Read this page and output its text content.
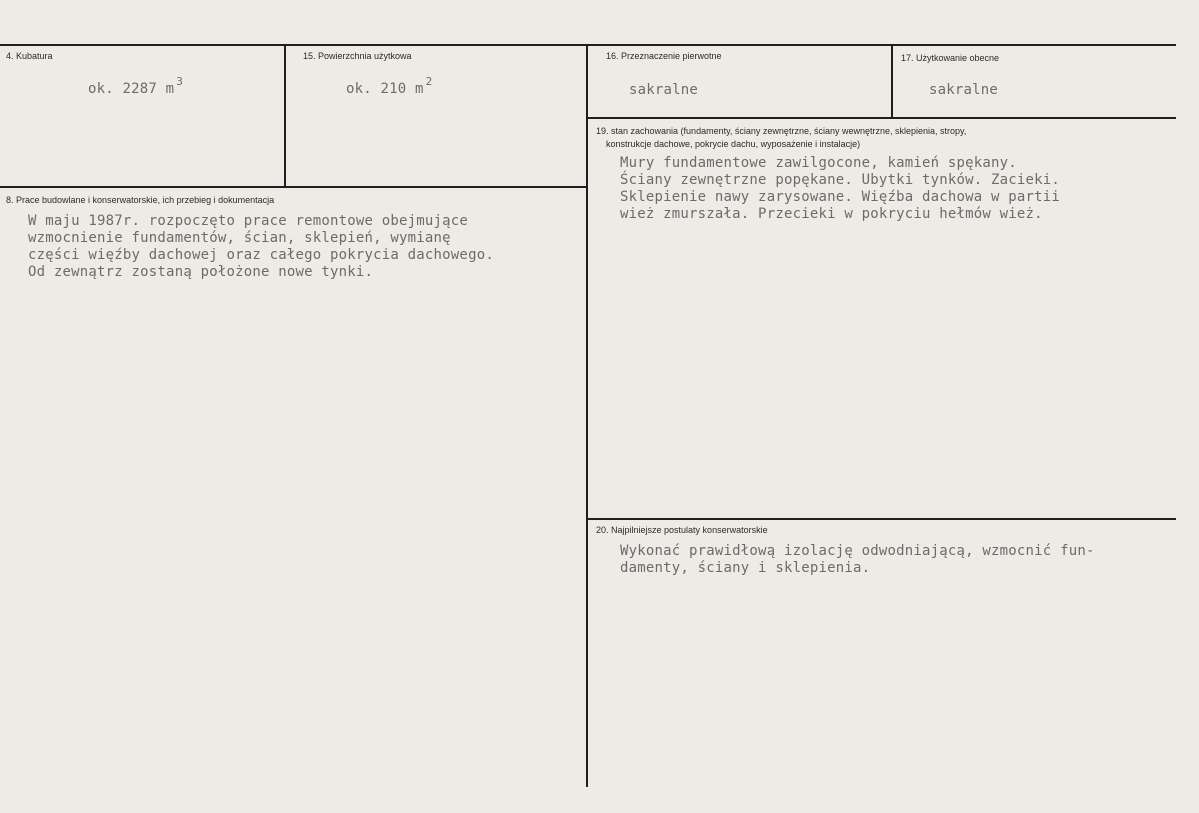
4. Kubatura
ok. 2287 m $^3$
15. Powierzchnia użytkowa
ok. 210 m $^2$
16. Przeznaczenie pierwotne
sakralne
17. Użytkowanie obecne
sakralne
19. stan zachowania (fundamenty, ściany zewnętrzne, ściany wewnętrzne, sklepienia, stropy,
konstrukcje dachowe, pokrycie dachu, wyposażenie i instalacje)
Mury fundamentowe zawilgocone, kamień spękany.
Ściany zewnętrzne popękane. Ubytki tynków. Zacieki.
Sklepienie nawy zarysowane. Więźba dachowa w partii
wież zmurszała. Przecieki w pokryciu hełmów wież.
8. Prace budowlane i konserwatorskie, ich przebieg i dokumentacja
W maju 1987r. rozpoczęto prace remontowe obejmujące
wzmocnienie fundamentów, ścian, sklepień, wymianę
części więźby dachowej oraz całego pokrycia dachowego.
Od zewnątrz zostaną położone nowe tynki.
20. Najpilniejsze postulaty konserwatorskie
Wykonać prawidłową izolację odwodniającą, wzmocnić fun-
damenty, ściany i sklepienia.
